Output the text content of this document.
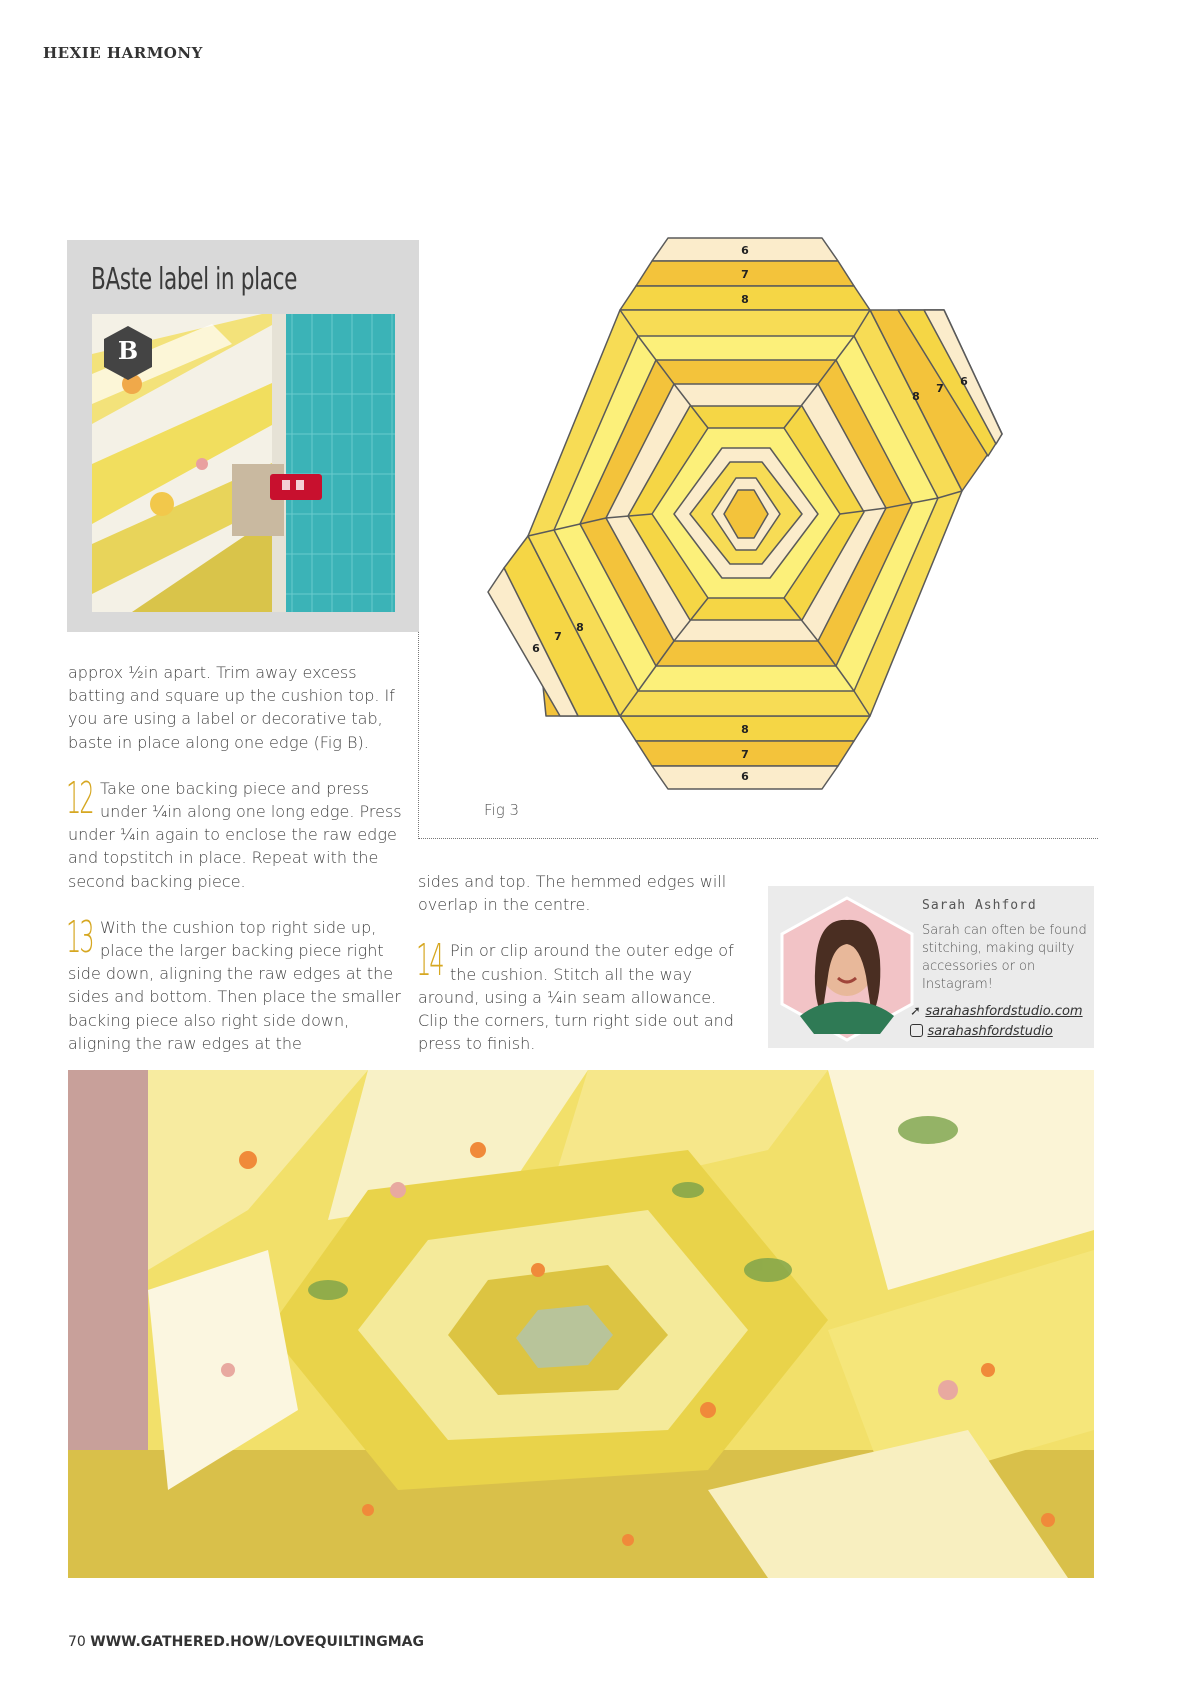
HEXIE HARMONY
BAste label in place
B
6
7
8
8
7
6
8
7
6
8
7
6
Fig 3
approx ½in apart. Trim away excess batting and square up the cushion top. If you are using a label or decorative tab, baste in place along one edge (Fig B).
12 Take one backing piece and press under ¼in along one long edge. Press under ¼in again to enclose the raw edge and topstitch in place. Repeat with the second backing piece.
13 With the cushion top right side up, place the larger backing piece right side down, aligning the raw edges at the sides and bottom. Then place the smaller backing piece also right side down, aligning the raw edges at the
sides and top. The hemmed edges will overlap in the centre.
14 Pin or clip around the outer edge of the cushion. Stitch all the way around, using a ¼in seam allowance. Clip the corners, turn right side out and press to finish.
Sarah Ashford
Sarah can often be found stitching, making quilty accessories or on Instagram!
➚ sarahashfordstudio.com
sarahashfordstudio
70 WWW.GATHERED.HOW/LOVEQUILTINGMAG
